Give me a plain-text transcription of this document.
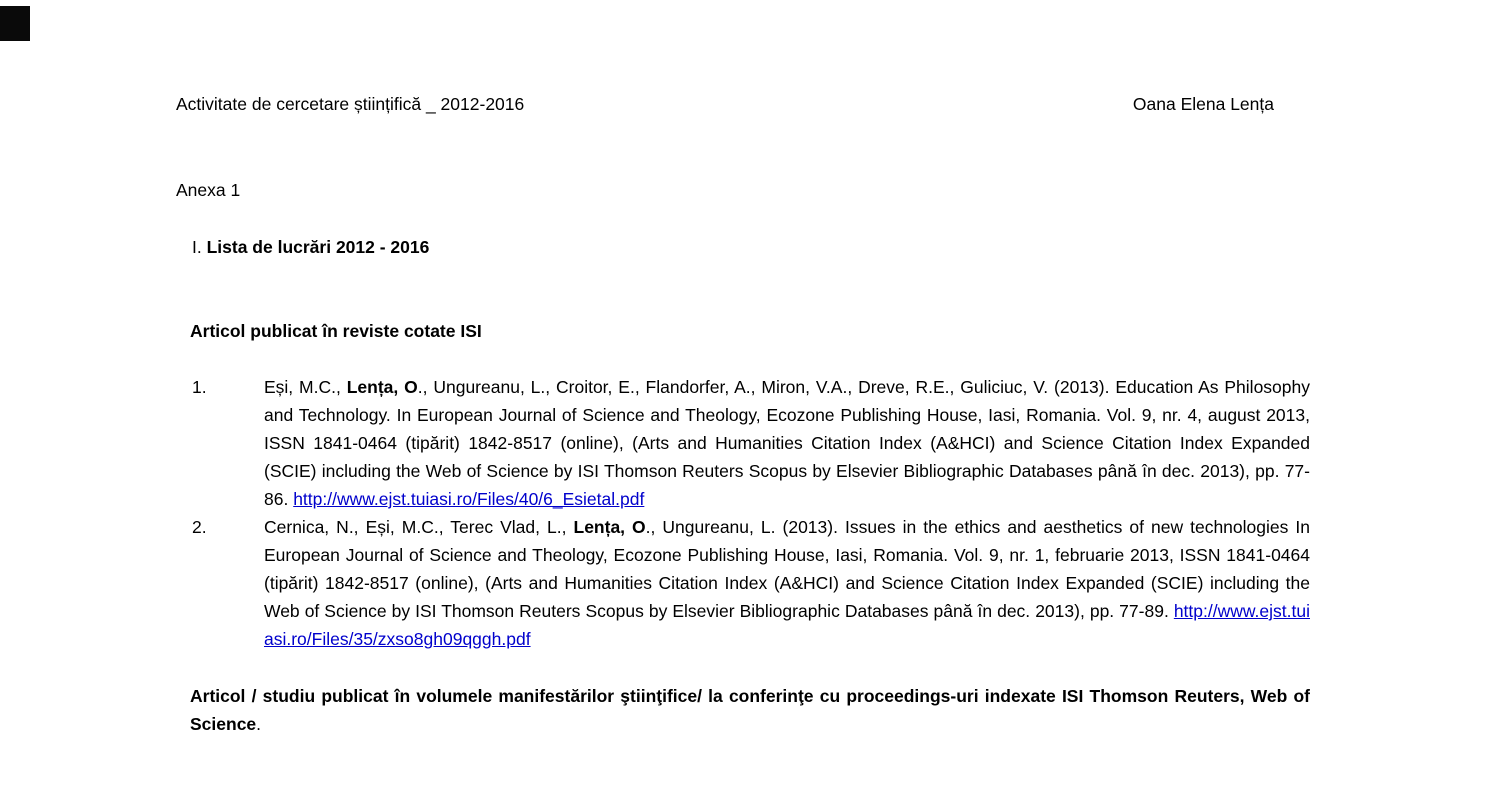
Activitate de cercetare științifică _ 2012-2016	Oana Elena Lența

Anexa 1

I. Lista de lucrări 2012 - 2016

Articol publicat în reviste cotate ISI

1.	Eși, M.C., Lența, O., Ungureanu, L., Croitor, E., Flandorfer, A., Miron, V.A., Dreve, R.E., Guliciuc, V. (2013). Education As Philosophy and Technology. In European Journal of Science and Theology, Ecozone Publishing House, Iasi, Romania. Vol. 9, nr. 4, august 2013, ISSN 1841-0464 (tipărit) 1842-8517 (online), (Arts and Humanities Citation Index (A&HCI) and Science Citation Index Expanded (SCIE) including the Web of Science by ISI Thomson Reuters Scopus by Elsevier Bibliographic Databases până în dec. 2013), pp. 77-86. http://www.ejst.tuiasi.ro/Files/40/6_Esietal.pdf
2.	Cernica, N., Eși, M.C., Terec Vlad, L., Lența, O., Ungureanu, L. (2013). Issues in the ethics and aesthetics of new technologies In European Journal of Science and Theology, Ecozone Publishing House, Iasi, Romania. Vol. 9, nr. 1, februarie 2013, ISSN 1841-0464 (tipărit) 1842-8517 (online), (Arts and Humanities Citation Index (A&HCI) and Science Citation Index Expanded (SCIE) including the Web of Science by ISI Thomson Reuters Scopus by Elsevier Bibliographic Databases până în dec. 2013), pp. 77-89. http://www.ejst.tuiasi.ro/Files/35/zxso8gh09qggh.pdf

Articol / studiu publicat în volumele manifestărilor ştiinţifice/ la conferinţe cu proceedings-uri indexate ISI Thomson Reuters, Web of Science.
